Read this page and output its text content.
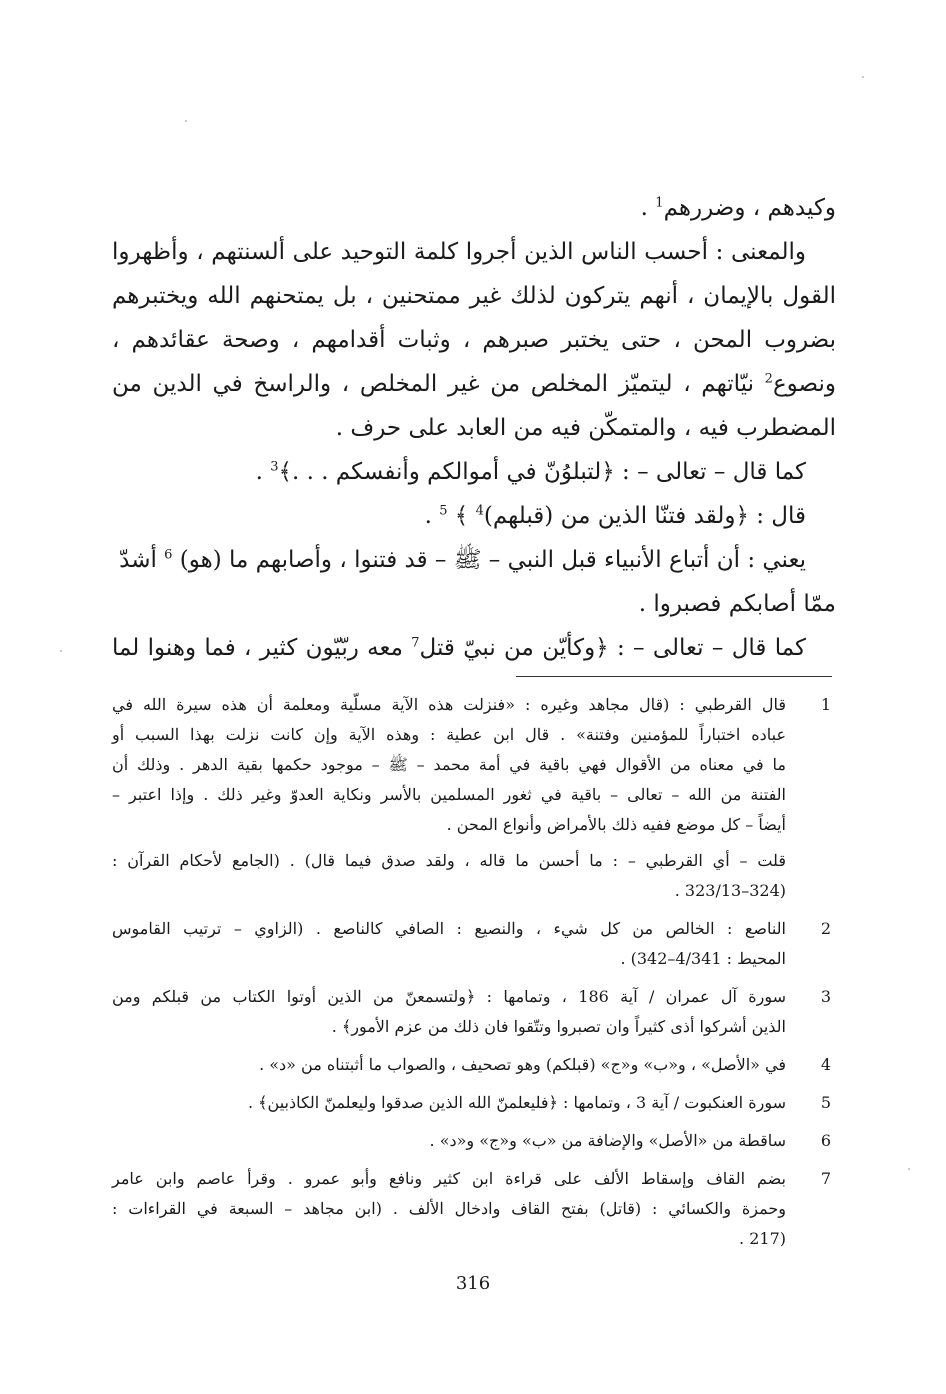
وكيدهم ، وضررهم$^1$ .
والمعنى : أحسب الناس الذين أجروا كلمة التوحيد على ألسنتهم ، وأظهروا
القول بالإيمان ، أنهم يتركون لذلك غير ممتحنين ، بل يمتحنهم الله ويختبرهم
بضروب المحن ، حتى يختبر صبرهم ، وثبات أقدامهم ، وصحة عقائدهم ،
ونصوع$^2$ نيّاتهم ، ليتميّز المخلص من غير المخلص ، والراسخ في الدين من
المضطرب فيه ، والمتمكّن فيه من العابد على حرف .
كما قال – تعالى – : ﴿لتبلوُنّ في أموالكم وأنفسكم . . .﴾$^3$ .
قال : ﴿ولقد فتنّا الذين من (قبلهم)$^4$ ﴾ $^5$ .
يعني : أن أتباع الأنبياء قبل النبي – ﷺ – قد فتنوا ، وأصابهم ما (هو) $^6$ أشدّ
ممّا أصابكم فصبروا .
كما قال – تعالى – : ﴿وكأيّن من نبيّ قتل$^7$ معه ربّيّون كثير ، فما وهنوا لما
1
قال القرطبي : (قال مجاهد وغيره : «فنزلت هذه الآية مسلّية ومعلمة أن هذه سيرة الله في
عباده اختباراً للمؤمنين وفتنة» . قال ابن عطية : وهذه الآية وإن كانت نزلت بهذا السبب أو
ما في معناه من الأقوال فهي باقية في أمة محمد – ﷺ – موجود حكمها بقية الدهر . وذلك أن
الفتنة من الله – تعالى – باقية في ثغور المسلمين بالأسر ونكاية العدوّ وغير ذلك . وإذا اعتبر –
أيضاً – كل موضع ففيه ذلك بالأمراض وأنواع المحن .
قلت – أي القرطبي – : ما أحسن ما قاله ، ولقد صدق فيما قال) . (الجامع لأحكام القرآن :
(324–323/13 .
2
الناصع : الخالص من كل شيء ، والنصيع : الصافي كالناصع . (الزاوي – ترتيب القاموس
المحيط : 4/341–342) .
3
سورة آل عمران / آية 186 ، وتمامها : ﴿ولتسمعنّ من الذين أوتوا الكتاب من قبلكم ومن
الذين أشركوا أذى كثيراً وان تصبروا وتتّقوا فان ذلك من عزم الأمور﴾ .
4
في «الأصل» ، و«ب» و«ج» (قبلكم) وهو تصحيف ، والصواب ما أثبتناه من «د» .
5
سورة العنكبوت / آية 3 ، وتمامها : ﴿فليعلمنّ الله الذين صدقوا وليعلمنّ الكاذبين﴾ .
6
ساقطة من «الأصل» والإضافة من «ب» و«ج» و«د» .
7
بضم القاف وإسقاط الألف على قراءة ابن كثير ونافع وأبو عمرو . وقرأ عاصم وابن عامر
وحمزة والكسائي : (قاتل) بفتح القاف وادخال الألف . (ابن مجاهد – السبعة في القراءات :
(217 .
316
